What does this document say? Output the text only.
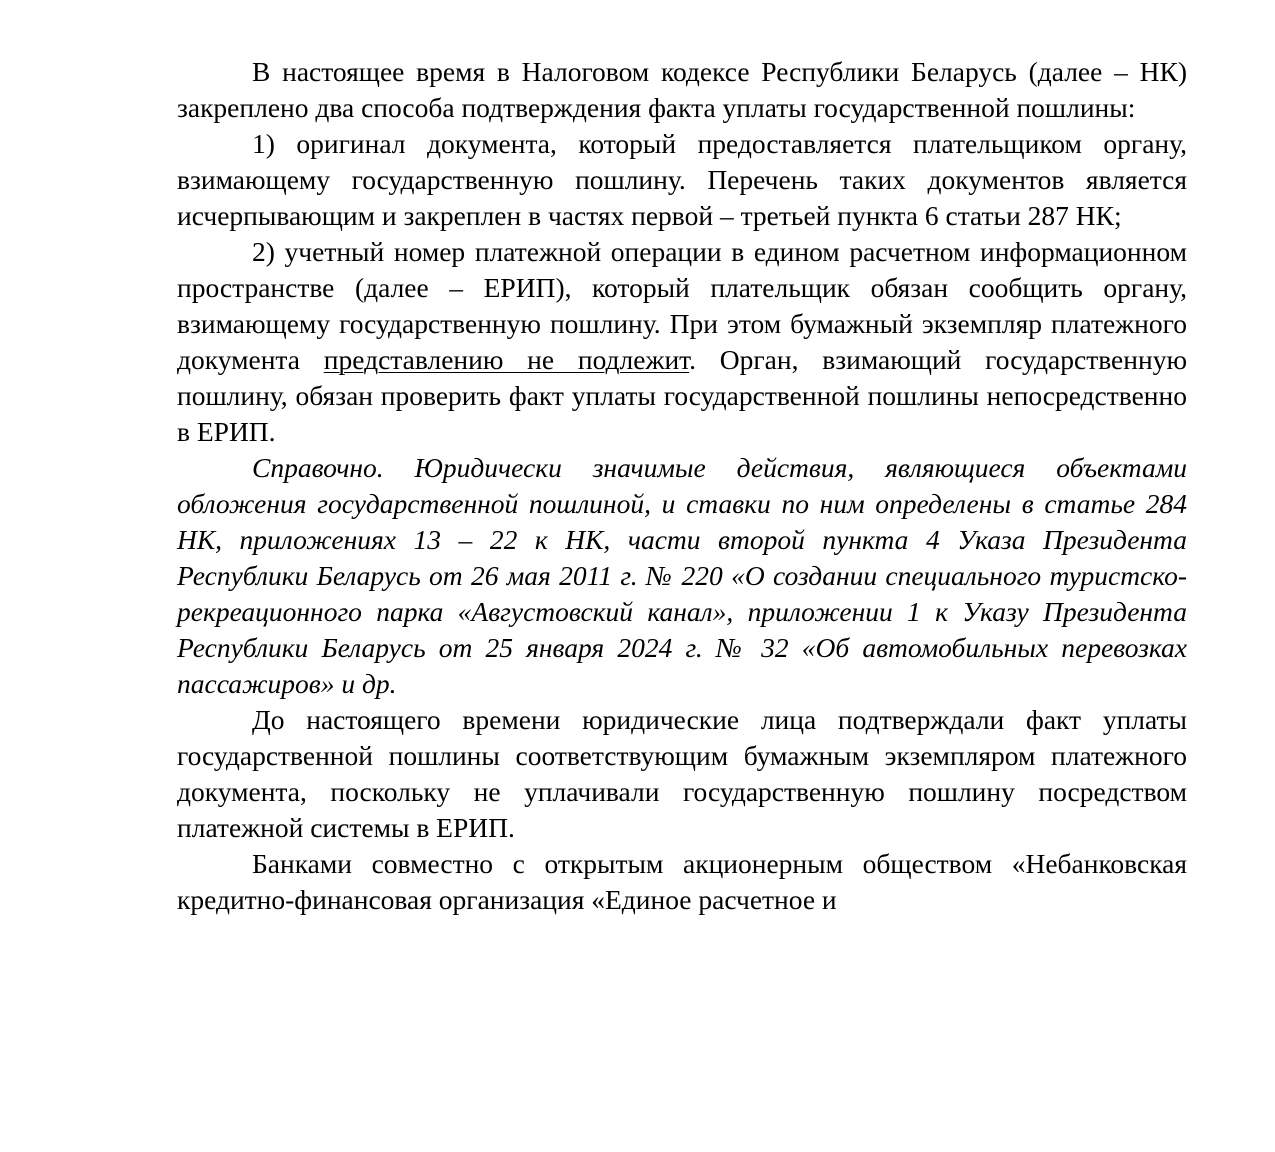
В настоящее время в Налоговом кодексе Республики Беларусь (далее – НК) закреплено два способа подтверждения факта уплаты государственной пошлины:

1) оригинал документа, который предоставляется плательщиком органу, взимающему государственную пошлину. Перечень таких документов является исчерпывающим и закреплен в частях первой – третьей пункта 6 статьи 287 НК;

2) учетный номер платежной операции в едином расчетном информационном пространстве (далее – ЕРИП), который плательщик обязан сообщить органу, взимающему государственную пошлину. При этом бумажный экземпляр платежного документа представлению не подлежит. Орган, взимающий государственную пошлину, обязан проверить факт уплаты государственной пошлины непосредственно в ЕРИП.

Справочно. Юридически значимые действия, являющиеся объектами обложения государственной пошлиной, и ставки по ним определены в статье 284 НК, приложениях 13 – 22 к НК, части второй пункта 4 Указа Президента Республики Беларусь от 26 мая 2011 г. № 220 «О создании специального туристско-рекреационного парка «Августовский канал», приложении 1 к Указу Президента Республики Беларусь от 25 января 2024 г. № 32 «Об автомобильных перевозках пассажиров» и др.

До настоящего времени юридические лица подтверждали факт уплаты государственной пошлины соответствующим бумажным экземпляром платежного документа, поскольку не уплачивали государственную пошлину посредством платежной системы в ЕРИП.

Банками совместно с открытым акционерным обществом «Небанковская кредитно-финансовая организация «Единое расчетное и
